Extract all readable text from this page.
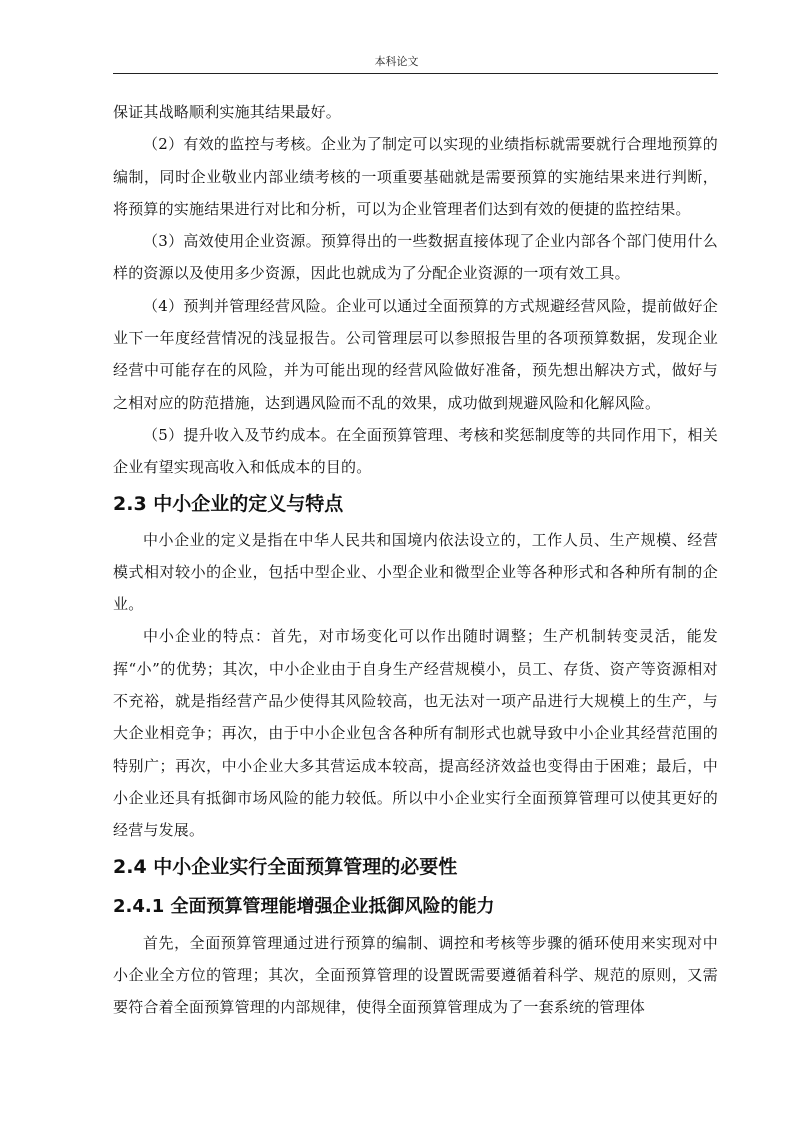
本科论文

保证其战略顺利实施其结果最好。

（2）有效的监控与考核。企业为了制定可以实现的业绩指标就需要就行合理地预算的编制，同时企业敬业内部业绩考核的一项重要基础就是需要预算的实施结果来进行判断，将预算的实施结果进行对比和分析，可以为企业管理者们达到有效的便捷的监控结果。

（3）高效使用企业资源。预算得出的一些数据直接体现了企业内部各个部门使用什么样的资源以及使用多少资源，因此也就成为了分配企业资源的一项有效工具。

（4）预判并管理经营风险。企业可以通过全面预算的方式规避经营风险，提前做好企业下一年度经营情况的浅显报告。公司管理层可以参照报告里的各项预算数据，发现企业经营中可能存在的风险，并为可能出现的经营风险做好准备，预先想出解决方式，做好与之相对应的防范措施，达到遇风险而不乱的效果，成功做到规避风险和化解风险。

（5）提升收入及节约成本。在全面预算管理、考核和奖惩制度等的共同作用下，相关企业有望实现高收入和低成本的目的。

2.3 中小企业的定义与特点

中小企业的定义是指在中华人民共和国境内依法设立的，工作人员、生产规模、经营模式相对较小的企业，包括中型企业、小型企业和微型企业等各种形式和各种所有制的企业。

中小企业的特点：首先，对市场变化可以作出随时调整；生产机制转变灵活，能发挥“小”的优势；其次，中小企业由于自身生产经营规模小，员工、存货、资产等资源相对不充裕，就是指经营产品少使得其风险较高，也无法对一项产品进行大规模上的生产，与大企业相竞争；再次，由于中小企业包含各种所有制形式也就导致中小企业其经营范围的特别广；再次，中小企业大多其营运成本较高，提高经济效益也变得由于困难；最后，中小企业还具有抵御市场风险的能力较低。所以中小企业实行全面预算管理可以使其更好的经营与发展。

2.4 中小企业实行全面预算管理的必要性
2.4.1 全面预算管理能增强企业抵御风险的能力

首先，全面预算管理通过进行预算的编制、调控和考核等步骤的循环使用来实现对中小企业全方位的管理；其次，全面预算管理的设置既需要遵循着科学、规范的原则，又需要符合着全面预算管理的内部规律，使得全面预算管理成为了一套系统的管理体
